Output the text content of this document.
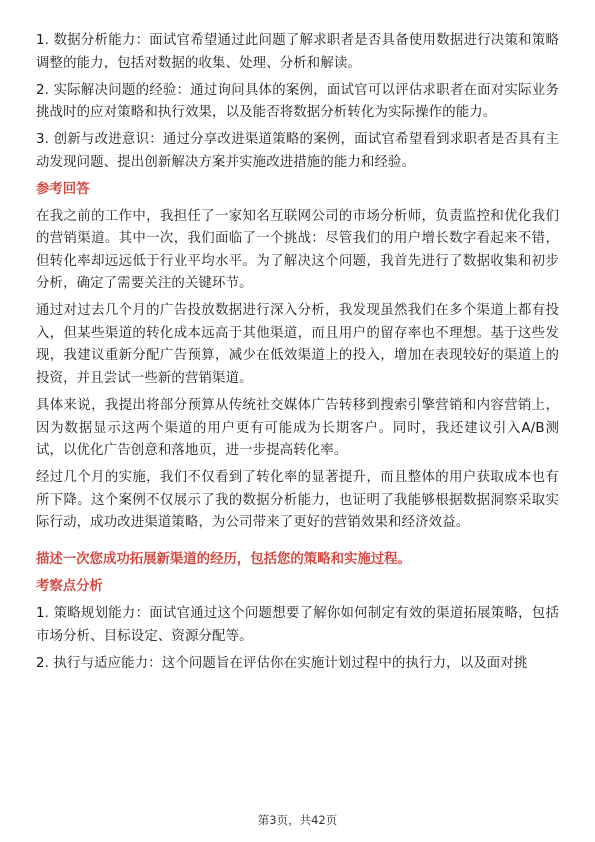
1. 数据分析能力：面试官希望通过此问题了解求职者是否具备使用数据进行决策和策略调整的能力，包括对数据的收集、处理、分析和解读。

2. 实际解决问题的经验：通过询问具体的案例，面试官可以评估求职者在面对实际业务挑战时的应对策略和执行效果，以及能否将数据分析转化为实际操作的能力。

3. 创新与改进意识：通过分享改进渠道策略的案例，面试官希望看到求职者是否具有主动发现问题、提出创新解决方案并实施改进措施的能力和经验。

参考回答

在我之前的工作中，我担任了一家知名互联网公司的市场分析师，负责监控和优化我们的营销渠道。其中一次，我们面临了一个挑战：尽管我们的用户增长数字看起来不错，但转化率却远远低于行业平均水平。为了解决这个问题，我首先进行了数据收集和初步分析，确定了需要关注的关键环节。

通过对过去几个月的广告投放数据进行深入分析，我发现虽然我们在多个渠道上都有投入，但某些渠道的转化成本远高于其他渠道，而且用户的留存率也不理想。基于这些发现，我建议重新分配广告预算，减少在低效渠道上的投入，增加在表现较好的渠道上的投资，并且尝试一些新的营销渠道。

具体来说，我提出将部分预算从传统社交媒体广告转移到搜索引擎营销和内容营销上，因为数据显示这两个渠道的用户更有可能成为长期客户。同时，我还建议引入A/B测试，以优化广告创意和落地页，进一步提高转化率。

经过几个月的实施，我们不仅看到了转化率的显著提升，而且整体的用户获取成本也有所下降。这个案例不仅展示了我的数据分析能力，也证明了我能够根据数据洞察采取实际行动，成功改进渠道策略，为公司带来了更好的营销效果和经济效益。

描述一次您成功拓展新渠道的经历，包括您的策略和实施过程。
考察点分析

1. 策略规划能力：面试官通过这个问题想要了解你如何制定有效的渠道拓展策略，包括市场分析、目标设定、资源分配等。

2. 执行与适应能力：这个问题旨在评估你在实施计划过程中的执行力，以及面对挑

第3页，共42页
